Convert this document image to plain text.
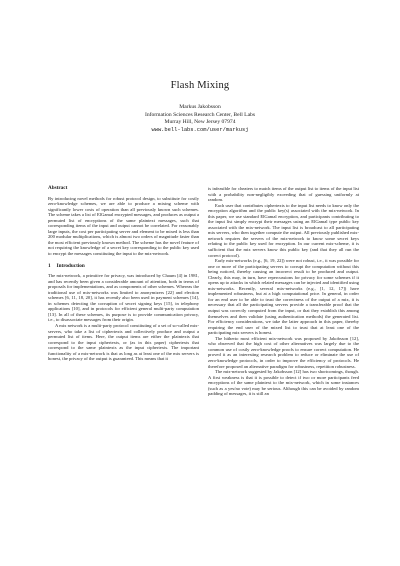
Flash Mixing
Markus Jakobsson
Information Sciences Research Center, Bell Labs
Murray Hill, New Jersey 07974
www.bell-labs.com/user/markusj
Abstract

By introducing novel methods for robust protocol design, to substitute for costly zero-knowledge schemes, we are able to produce a mixing scheme with significantly lower costs of operation than all previously known such schemes. The scheme takes a list of ElGamal encrypted messages, and produces as output a permuted list of encryptions of the same plaintext messages, such that corresponding items of the input and output cannot be correlated. For reasonably large inputs, the cost per participating server and element to be mixed is less than 200 modular multiplications, which is almost two orders of magnitude faster than the most efficient previously known method. The scheme has the novel feature of not requiring the knowledge of a secret key corresponding to the public key used to encrypt the messages constituting the input to the mix-network.

1 Introduction

The mix-network, a primitive for privacy, was introduced by Chaum [4] in 1981, and has recently been given a considerable amount of attention, both in terms of proposals for implementations, and as components of other schemes. Whereas the traditional use of mix-networks was limited to anonymizers [22] and election schemes [6, 11, 18, 20], it has recently also been used in payment schemes [14], in schemes detecting the corruption of secret signing keys [15], in telephony applications [10], and in protocols for efficient general multi-party computation [13]. In all of these schemes, its purpose is to provide communication privacy, i.e., to disassociate messages from their origin.

A mix network is a multi-party protocol constituting of a set of so-called mix-servers, who take a list of ciphertexts and collectively produce and output a permuted list of items. Here, the output items are either the plaintexts that correspond to the input ciphertexts, or (as in this paper) ciphertexts that correspond to the same plaintexts as the input ciphertexts. The important functionality of a mix-network is that as long as at least one of the mix servers is honest, the privacy of the output is guaranteed. This means that it

is infeasible for cheaters to match items of the output list to items of the input list with a probability non-negligibly exceeding that of guessing uniformly at random.

Each user that contributes ciphertexts to the input list needs to know only the encryption algorithm and the public key(s) associated with the mix-network. In this paper, we use standard ElGamal encryption, and participants contributing to the input list simply encrypt their messages using an ElGamal type public key associated with the mix-network. The input list is broadcast to all participating mix servers, who then together compute the output. All previously published mix-network requires the servers of the mix-network to know some secret keys relating to the public key used for encryption. In our current mix-scheme, it is sufficient that the mix servers know this public key (and that they all run the correct protocol).

Early mix-networks (e.g., [6, 19, 22]) were not robust, i.e., it was possible for one or more of the participating servers to corrupt the computation without this being noticed, thereby causing an incorrect result to be produced and output. Clearly, this may, in turn, have repercussions for privacy for some schemes if it opens up to attacks in which related messages can be injected and identified using mix-networks. Recently, several mix-networks (e.g., [1, 12, 17]) have implemented robustness, but at a high computational price. In general, in order for an end user to be able to trust the correctness of the output of a mix, it is necessary that all the participating servers provide a transferable proof that the output was correctly computed from the input, or that they establish this among themselves and then validate (using authentication methods) the generated list. For efficiency considerations, we take the latter approach in this paper, thereby requiring the end user of the mixed list to trust that at least one of the participating mix servers is honest.

The hitherto most efficient mix-network was proposed by Jakobsson [12], who observed that the high cost of other alternatives was largely due to the common use of costly zero-knowledge proofs to ensure correct computation. He proved it as an interesting research problem to reduce or eliminate the use of zero-knowledge protocols, in order to improve the efficiency of protocols. He therefore proposed an alternative paradigm for robustness, repetition robustness.

The mix-network suggested by Jakobsson [12] has two shortcomings, though. A first weakness is that it is possible to detect if two or more participants feed encryptions of the same plaintext to the mix-network, which in some instances (such as a yes/no vote) may be serious. Although this can be avoided by random padding of messages, it is still an
